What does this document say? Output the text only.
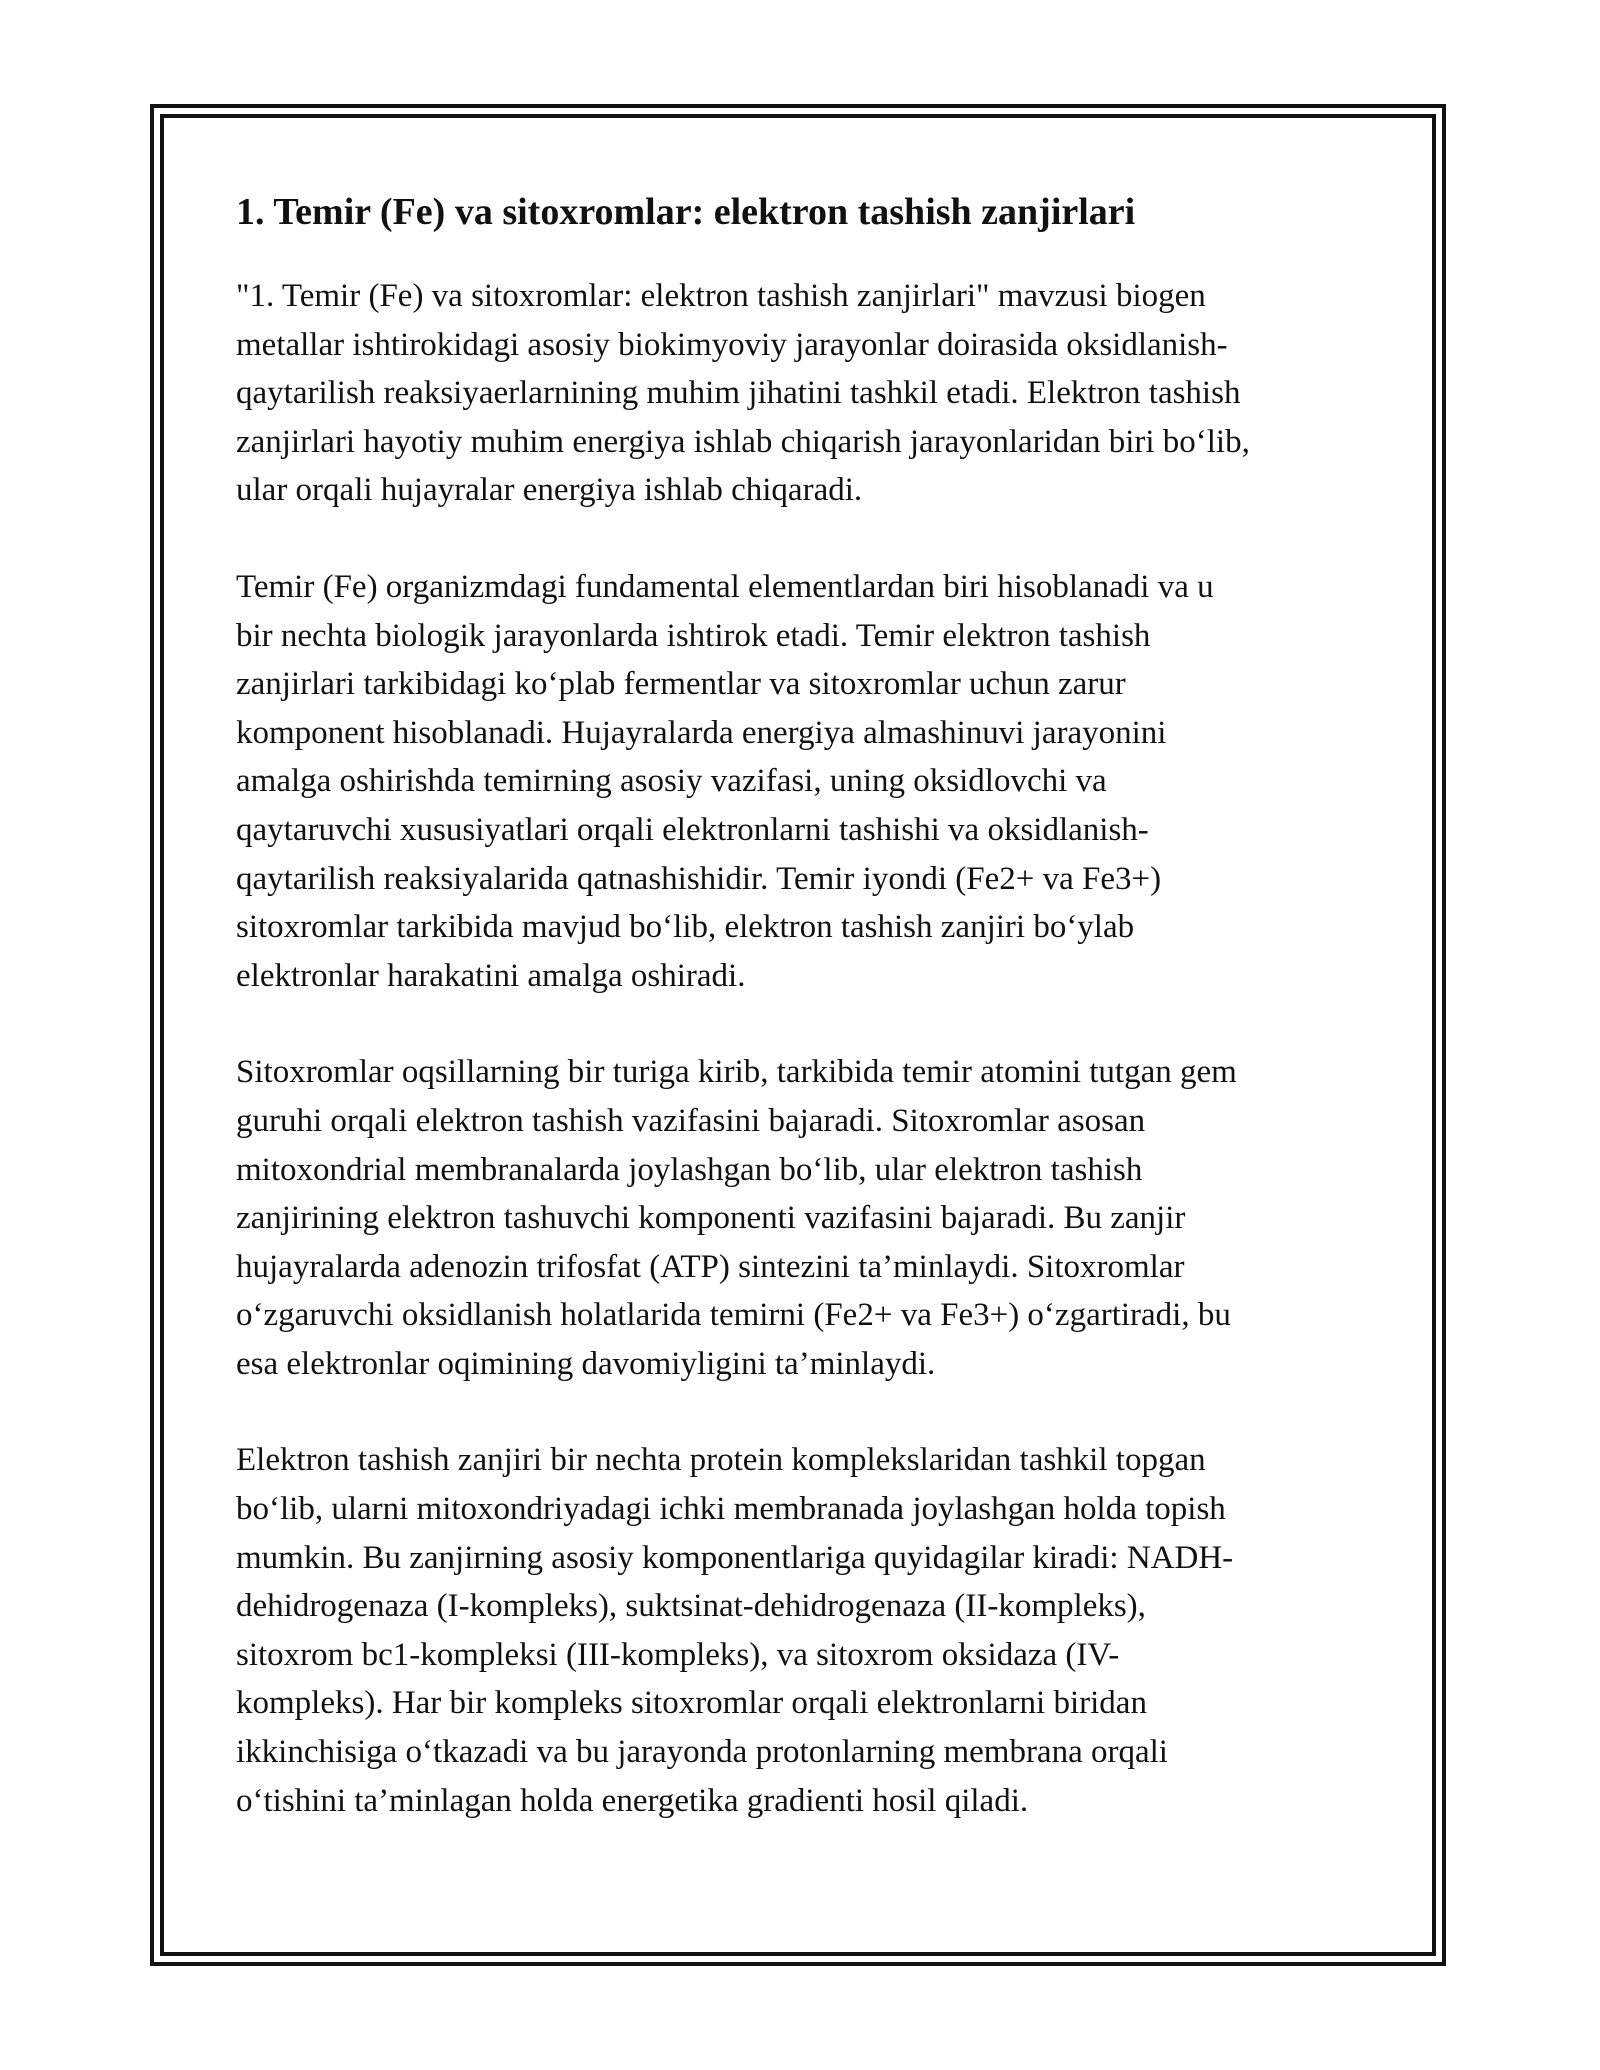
1. Temir (Fe) va sitoxromlar: elektron tashish zanjirlari

"1. Temir (Fe) va sitoxromlar: elektron tashish zanjirlari" mavzusi biogen
metallar ishtirokidagi asosiy biokimyoviy jarayonlar doirasida oksidlanish-
qaytarilish reaksiyaerlarnining muhim jihatini tashkil etadi. Elektron tashish
zanjirlari hayotiy muhim energiya ishlab chiqarish jarayonlaridan biri bo‘lib,
ular orqali hujayralar energiya ishlab chiqaradi.

Temir (Fe) organizmdagi fundamental elementlardan biri hisoblanadi va u
bir nechta biologik jarayonlarda ishtirok etadi. Temir elektron tashish
zanjirlari tarkibidagi ko‘plab fermentlar va sitoxromlar uchun zarur
komponent hisoblanadi. Hujayralarda energiya almashinuvi jarayonini
amalga oshirishda temirning asosiy vazifasi, uning oksidlovchi va
qaytaruvchi xususiyatlari orqali elektronlarni tashishi va oksidlanish-
qaytarilish reaksiyalarida qatnashishidir. Temir iyondi (Fe2+ va Fe3+)
sitoxromlar tarkibida mavjud bo‘lib, elektron tashish zanjiri bo‘ylab
elektronlar harakatini amalga oshiradi.

Sitoxromlar oqsillarning bir turiga kirib, tarkibida temir atomini tutgan gem
guruhi orqali elektron tashish vazifasini bajaradi. Sitoxromlar asosan
mitoxondrial membranalarda joylashgan bo‘lib, ular elektron tashish
zanjirining elektron tashuvchi komponenti vazifasini bajaradi. Bu zanjir
hujayralarda adenozin trifosfat (ATP) sintezini ta’minlaydi. Sitoxromlar
o‘zgaruvchi oksidlanish holatlarida temirni (Fe2+ va Fe3+) o‘zgartiradi, bu
esa elektronlar oqimining davomiyligini ta’minlaydi.

Elektron tashish zanjiri bir nechta protein komplekslaridan tashkil topgan
bo‘lib, ularni mitoxondriyadagi ichki membranada joylashgan holda topish
mumkin. Bu zanjirning asosiy komponentlariga quyidagilar kiradi: NADH-
dehidrogenaza (I-kompleks), suktsinat-dehidrogenaza (II-kompleks),
sitoxrom bc1-kompleksi (III-kompleks), va sitoxrom oksidaza (IV-
kompleks). Har bir kompleks sitoxromlar orqali elektronlarni biridan
ikkinchisiga o‘tkazadi va bu jarayonda protonlarning membrana orqali
o‘tishini ta’minlagan holda energetika gradienti hosil qiladi.
